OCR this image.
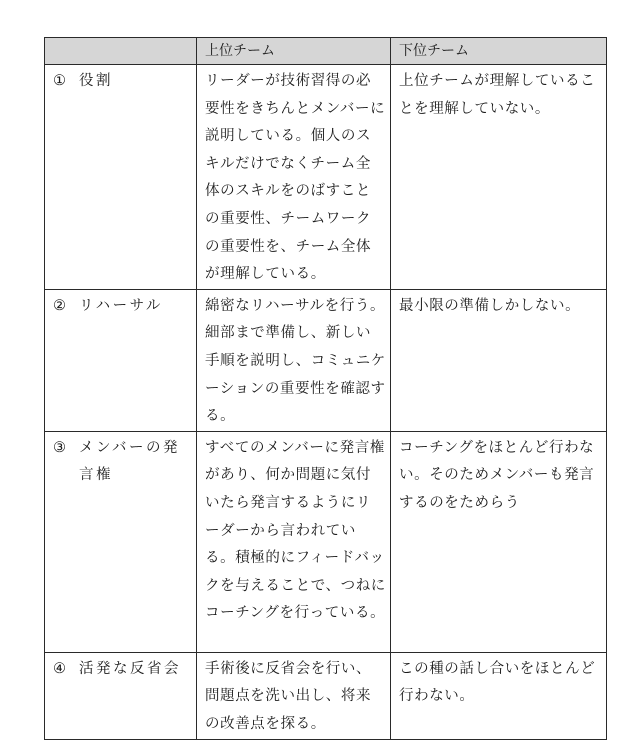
	上位チーム	下位チーム

① 役割	リーダーが技術習得の必要性をきちんとメンバーに説明している。個人のスキルだけでなくチーム全体のスキルをのばすことの重要性、チームワークの重要性を、チーム全体が理解している。	上位チームが理解していることを理解していない。

② リハーサル	綿密なリハーサルを行う。細部まで準備し、新しい手順を説明し、コミュニケーションの重要性を確認する。	最小限の準備しかしない。

③ メンバーの発言権	すべてのメンバーに発言権があり、何か問題に気付いたら発言するようにリーダーから言われている。積極的にフィードバックを与えることで、つねにコーチングを行っている。	コーチングをほとんど行わない。そのためメンバーも発言するのをためらう

④ 活発な反省会	手術後に反省会を行い、問題点を洗い出し、将来の改善点を探る。	この種の話し合いをほとんど行わない。
